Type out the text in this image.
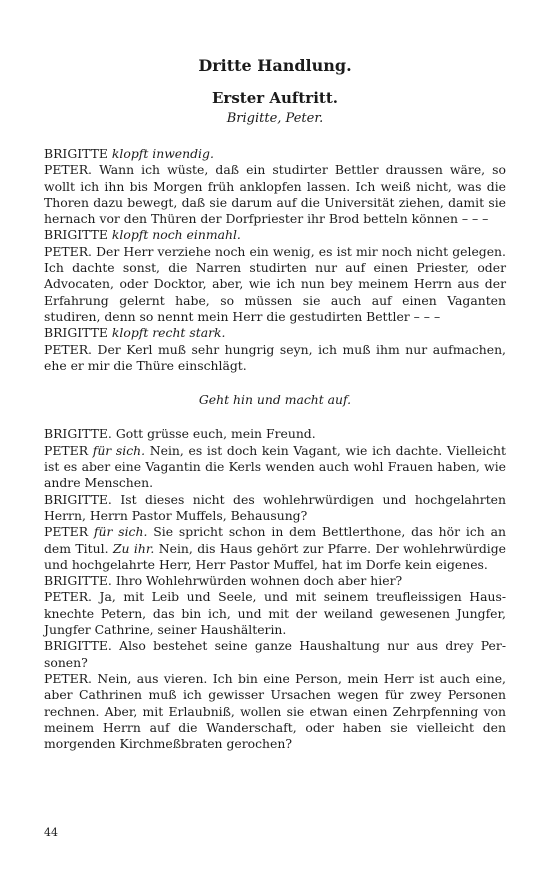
Dritte Handlung.
Erster Auftritt.
Brigitte, Peter.

BRIGITTE klopft inwendig.

PETER. Wann ich wüste, daß ein studirter Bettler draussen wäre, so wollt ich ihn bis Morgen früh anklopfen lassen. Ich weiß nicht, was die Thoren dazu bewegt, daß sie darum auf die Universität ziehen, damit sie hernach vor den Thüren der Dorfpriester ihr Brod betteln können – – –

BRIGITTE klopft noch einmahl.

PETER. Der Herr verziehe noch ein wenig, es ist mir noch nicht gelegen. Ich dachte sonst, die Narren studirten nur auf einen Priester, oder Advocaten, oder Docktor, aber, wie ich nun bey meinem Herrn aus der Erfahrung gelernt habe, so müssen sie auch auf einen Vaganten studiren, denn so nennt mein Herr die gestudirten Bettler – – –

BRIGITTE klopft recht stark.

PETER. Der Kerl muß sehr hungrig seyn, ich muß ihm nur aufmachen, ehe er mir die Thüre einschlägt.

Geht hin und macht auf.

BRIGITTE. Gott grüsse euch, mein Freund.

PETER für sich. Nein, es ist doch kein Vagant, wie ich dachte. Vielleicht ist es aber eine Vagantin die Kerls wenden auch wohl Frauen haben, wie andre Menschen.

BRIGITTE. Ist dieses nicht des wohlehrwürdigen und hochgelahrten Herrn, Herrn Pastor Muffels, Behausung?

PETER für sich. Sie spricht schon in dem Bettlerthone, das hör ich an dem Titul. Zu ihr. Nein, dis Haus gehört zur Pfarre. Der wohlehrwürdige und hochgelahrte Herr, Herr Pastor Muffel, hat im Dorfe kein eigenes.

BRIGITTE. Ihro Wohlehrwürden wohnen doch aber hier?

PETER. Ja, mit Leib und Seele, und mit seinem treufleissigen Hausknechte Petern, das bin ich, und mit der weiland gewesenen Jungfer, Jungfer Cathrine, seiner Haushälterin.

BRIGITTE. Also bestehet seine ganze Haushaltung nur aus drey Personen?

PETER. Nein, aus vieren. Ich bin eine Person, mein Herr ist auch eine, aber Cathrinen muß ich gewisser Ursachen wegen für zwey Personen rechnen. Aber, mit Erlaubniß, wollen sie etwan einen Zehrpfenning von meinem Herrn auf die Wanderschaft, oder haben sie vielleicht den morgenden Kirchmeßbraten gerochen?

44
